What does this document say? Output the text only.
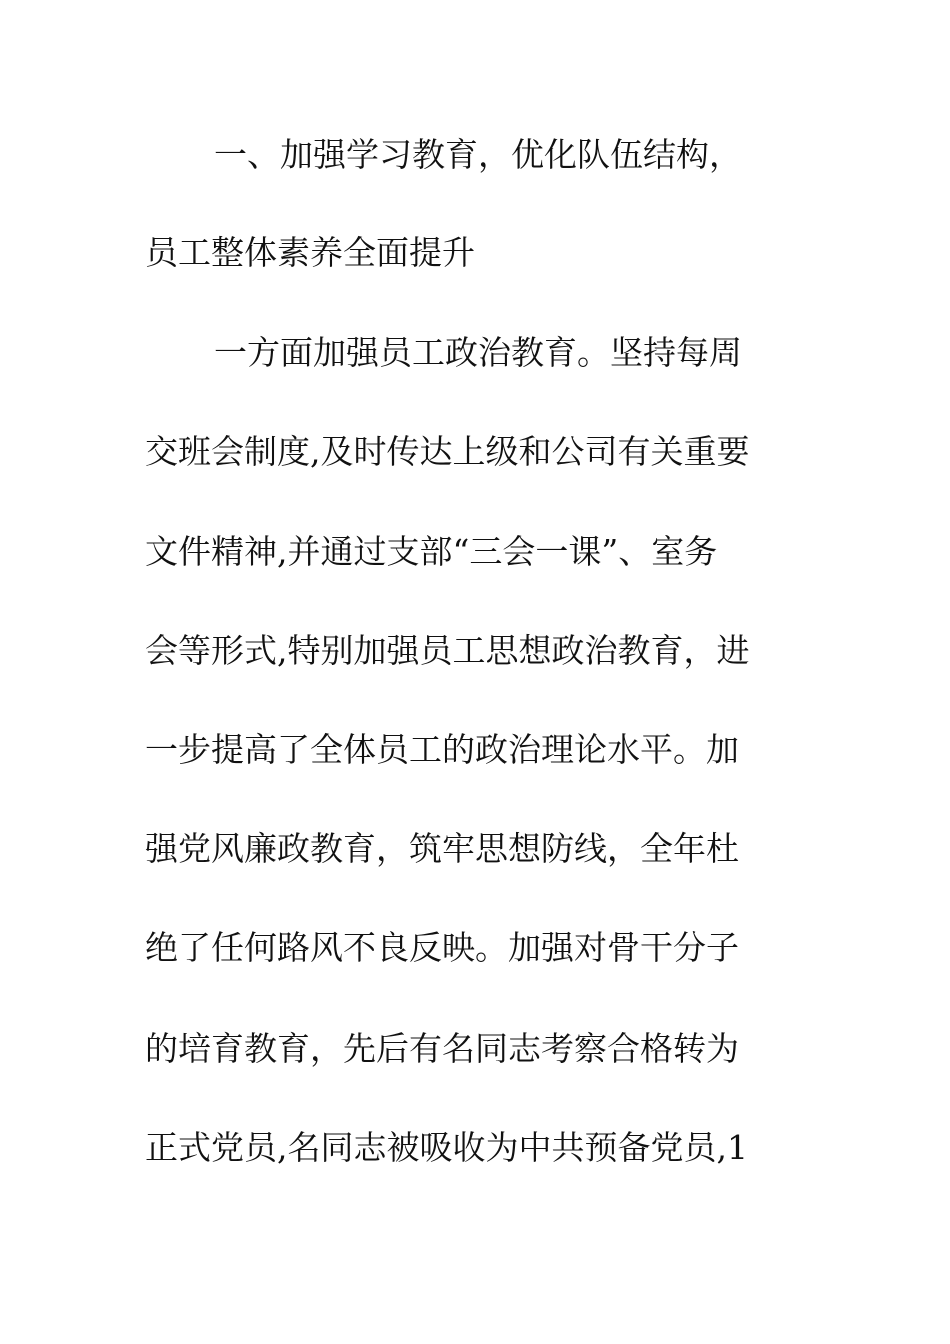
一、加强学习教育，优化队伍结构，
员工整体素养全面提升
一方面加强员工政治教育。坚持每周
交班会制度,及时传达上级和公司有关重要
文件精神,并通过支部“三会一课”、室务
会等形式,特别加强员工思想政治教育，进
一步提高了全体员工的政治理论水平。加
强党风廉政教育，筑牢思想防线，全年杜
绝了任何路风不良反映。加强对骨干分子
的培育教育，先后有名同志考察合格转为
正式党员,名同志被吸收为中共预备党员,1
